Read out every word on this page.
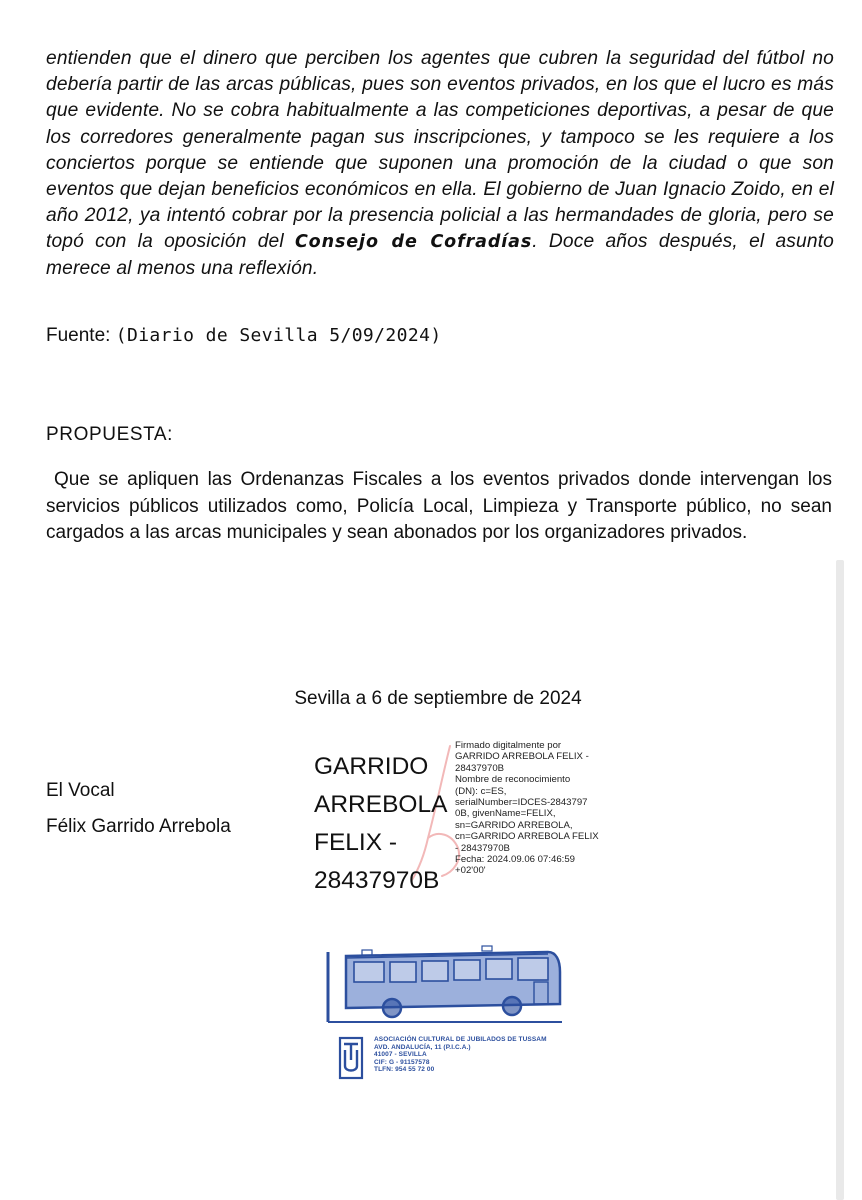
entienden que el dinero que perciben los agentes que cubren la seguridad del fútbol no debería partir de las arcas públicas, pues son eventos privados, en los que el lucro es más que evidente. No se cobra habitualmente a las competiciones deportivas, a pesar de que los corredores generalmente pagan sus inscripciones, y tampoco se les requiere a los conciertos porque se entiende que suponen una promoción de la ciudad o que son eventos que dejan beneficios económicos en ella. El gobierno de Juan Ignacio Zoido, en el año 2012, ya intentó cobrar por la presencia policial a las hermandades de gloria, pero se topó con la oposición del Consejo de Cofradías. Doce años después, el asunto merece al menos una reflexión.

Fuente: (Diario de Sevilla 5/09/2024)
PROPUESTA:

Que se apliquen las Ordenanzas Fiscales a los eventos privados donde intervengan los servicios públicos utilizados como, Policía Local, Limpieza y Transporte público, no sean cargados a las arcas municipales y sean abonados por los organizadores privados.

Sevilla a 6 de septiembre de 2024
El Vocal
Félix Garrido Arrebola
GARRIDO
ARREBOLA
FELIX -
28437970B
Firmado digitalmente por
GARRIDO ARREBOLA FELIX -
28437970B
Nombre de reconocimiento
(DN): c=ES,
serialNumber=IDCES-2843797
0B, givenName=FELIX,
sn=GARRIDO ARREBOLA,
cn=GARRIDO ARREBOLA FELIX
- 28437970B
Fecha: 2024.09.06 07:46:59
+02'00'
ASOCIACIÓN CULTURAL DE JUBILADOS DE TUSSAM
AVD. ANDALUCÍA, 11 (P.I.C.A.)
41007 - SEVILLA
CIF: G - 91157578
TLFN: 954 55 72 00
